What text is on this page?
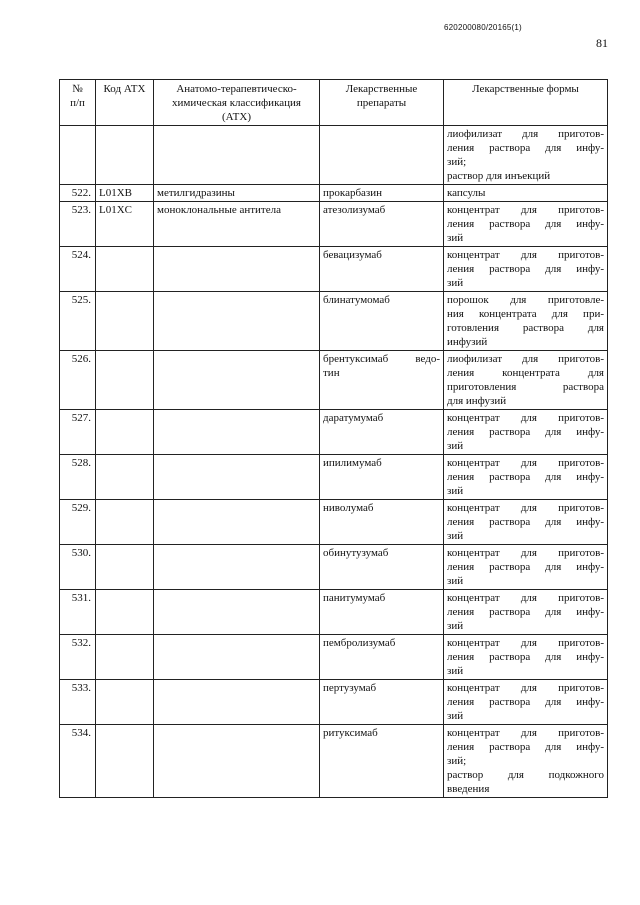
620200080/20165(1)
81
№
п/п	Код АТХ	Анатомо-терапевтическо-химическая классификация (АТХ)	Лекарственные препараты	Лекарственные формы

				лиофилизат для приготов-
ления раствора для инфу-
зий;
раствор для инъекций

522.	L01XB	метилгидразины	прокарбазин	капсулы

523.	L01XC	моноклональные антитела	атезолизумаб	концентрат для приготов-
ления раствора для инфу-
зий

524.			бевацизумаб	концентрат для приготов-
ления раствора для инфу-
зий

525.			блинатумомаб	порошок для приготовле-
ния концентрата для при-
готовления раствора для
инфузий

526.			брентуксимаб ведо-
тин	лиофилизат для приготов-
ления концентрата для
приготовления раствора
для инфузий

527.			даратумумаб	концентрат для приготов-
ления раствора для инфу-
зий

528.			ипилимумаб	концентрат для приготов-
ления раствора для инфу-
зий

529.			ниволумаб	концентрат для приготов-
ления раствора для инфу-
зий

530.			обинутузумаб	концентрат для приготов-
ления раствора для инфу-
зий

531.			панитумумаб	концентрат для приготов-
ления раствора для инфу-
зий

532.			пембролизумаб	концентрат для приготов-
ления раствора для инфу-
зий

533.			пертузумаб	концентрат для приготов-
ления раствора для инфу-
зий

534.			ритуксимаб	концентрат для приготов-
ления раствора для инфу-
зий;
раствор для подкожного
введения
